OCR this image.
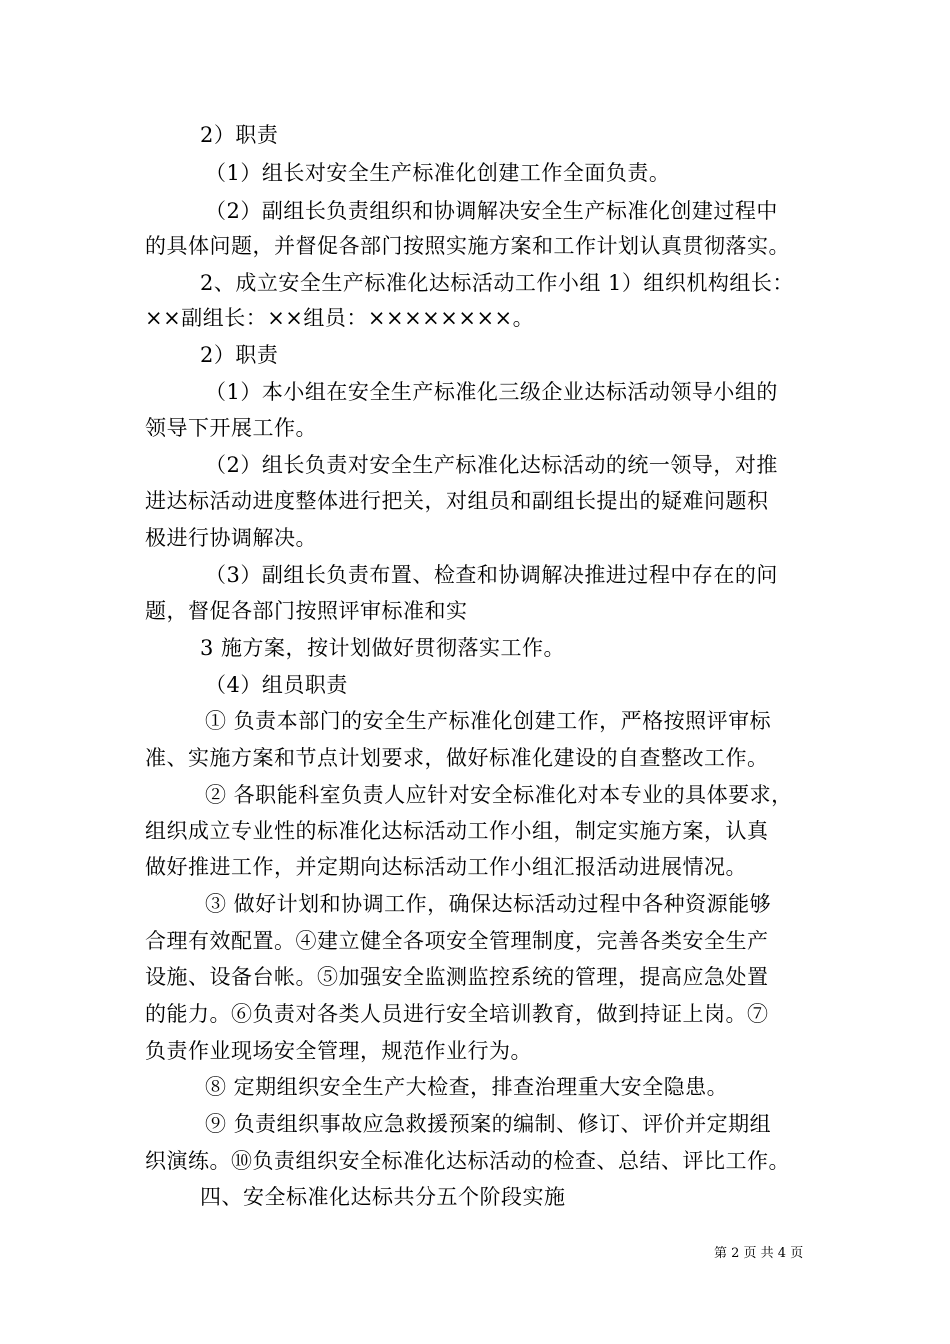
2）职责
（1）组长对安全生产标准化创建工作全面负责。
（2）副组长负责组织和协调解决安全生产标准化创建过程中
的具体问题，并督促各部门按照实施方案和工作计划认真贯彻落实。
2、成立安全生产标准化达标活动工作小组 1）组织机构组长：
××副组长：××组员：××××××××。
2）职责
（1）本小组在安全生产标准化三级企业达标活动领导小组的
领导下开展工作。
（2）组长负责对安全生产标准化达标活动的统一领导，对推
进达标活动进度整体进行把关，对组员和副组长提出的疑难问题积
极进行协调解决。
（3）副组长负责布置、检查和协调解决推进过程中存在的问
题，督促各部门按照评审标准和实
3 施方案，按计划做好贯彻落实工作。
（4）组员职责
① 负责本部门的安全生产标准化创建工作，严格按照评审标
准、实施方案和节点计划要求，做好标准化建设的自查整改工作。
② 各职能科室负责人应针对安全标准化对本专业的具体要求，
组织成立专业性的标准化达标活动工作小组，制定实施方案，认真
做好推进工作，并定期向达标活动工作小组汇报活动进展情况。
③ 做好计划和协调工作，确保达标活动过程中各种资源能够
合理有效配置。④建立健全各项安全管理制度，完善各类安全生产
设施、设备台帐。⑤加强安全监测监控系统的管理，提高应急处置
的能力。⑥负责对各类人员进行安全培训教育，做到持证上岗。⑦
负责作业现场安全管理，规范作业行为。
⑧ 定期组织安全生产大检查，排查治理重大安全隐患。
⑨ 负责组织事故应急救援预案的编制、修订、评价并定期组
织演练。⑩负责组织安全标准化达标活动的检查、总结、评比工作。
四、安全标准化达标共分五个阶段实施
第 2 页 共 4 页
